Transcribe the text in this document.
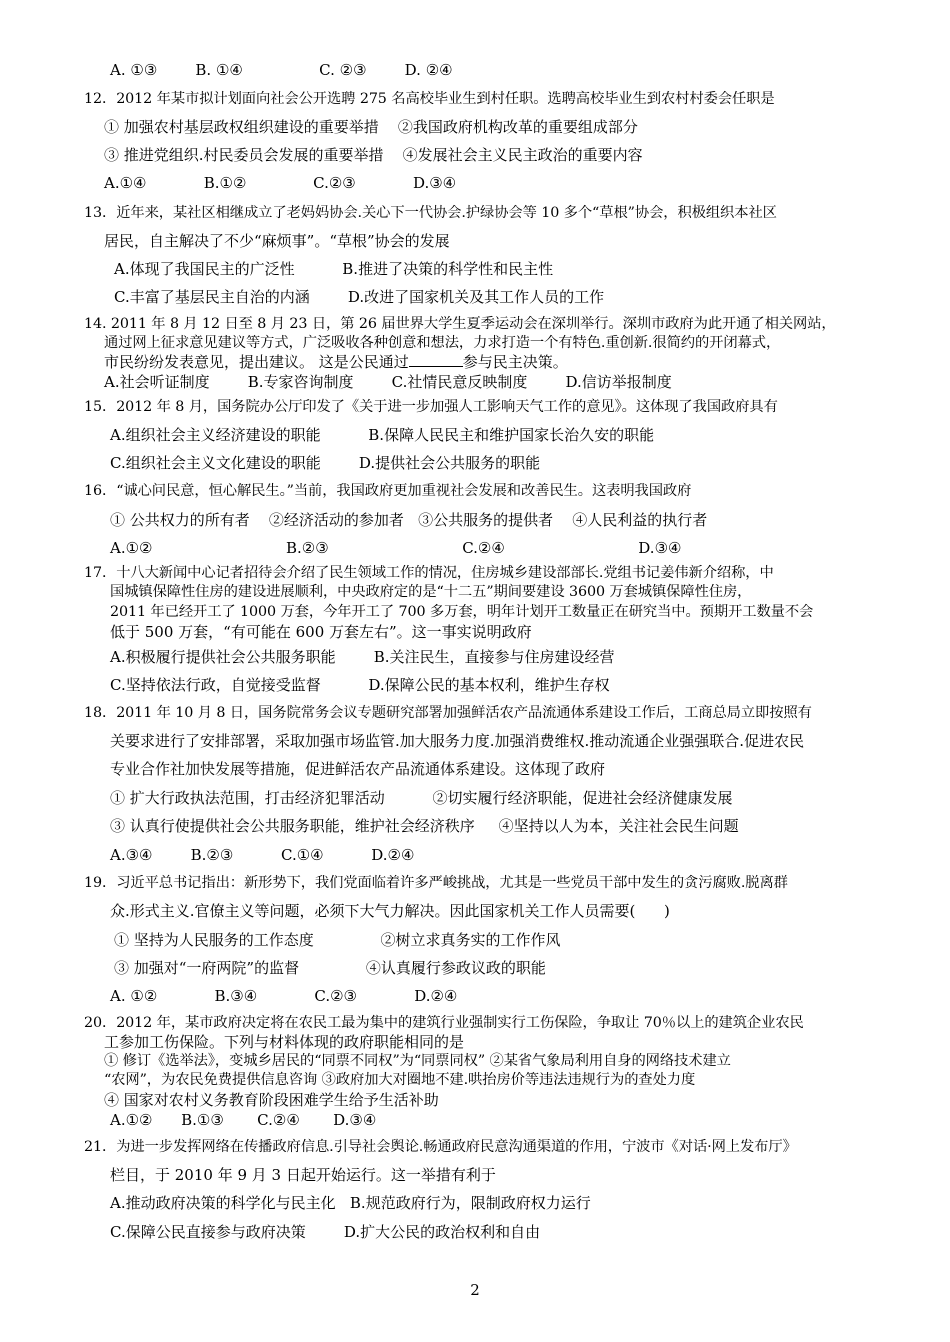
A. ①③        B. ①④                C. ②③        D. ②④
12．2012 年某市拟计划面向社会公开选聘 275 名高校毕业生到村任职。选聘高校毕业生到农村村委会任职是
① 加强农村基层政权组织建设的重要举措    ②我国政府机构改革的重要组成部分
③ 推进党组织.村民委员会发展的重要举措    ④发展社会主义民主政治的重要内容
A.①④            B.①②              C.②③            D.③④
13．近年来，某社区相继成立了老妈妈协会.关心下一代协会.护绿协会等 10 多个“草根”协会，积极组织本社区
居民，自主解决了不少“麻烦事”。“草根”协会的发展
A.体现了我国民主的广泛性          B.推进了决策的科学性和民主性
C.丰富了基层民主自治的内涵        D.改进了国家机关及其工作人员的工作
14. 2011 年 8 月 12 日至 8 月 23 日，第 26 届世界大学生夏季运动会在深圳举行。深圳市政府为此开通了相关网站，
通过网上征求意见建议等方式，广泛吸收各种创意和想法，力求打造一个有特色.重创新.很简约的开闭幕式，
市民纷纷发表意见，提出建议。 这是公民通过	参与民主决策。
A.社会听证制度        B.专家咨询制度        C.社情民意反映制度        D.信访举报制度
15．2012 年 8 月，国务院办公厅印发了《关于进一步加强人工影响天气工作的意见》。这体现了我国政府具有
A.组织社会主义经济建设的职能          B.保障人民民主和维护国家长治久安的职能
C.组织社会主义文化建设的职能        D.提供社会公共服务的职能
16．“诚心问民意，恒心解民生。”当前，我国政府更加重视社会发展和改善民生。这表明我国政府
① 公共权力的所有者    ②经济活动的参加者   ③公共服务的提供者    ④人民利益的执行者
A.①②                            B.②③                            C.②④                            D.③④
17．十八大新闻中心记者招待会介绍了民生领域工作的情况，住房城乡建设部部长.党组书记姜伟新介绍称，中
国城镇保障性住房的建设进展顺利，中央政府定的是“十二五”期间要建设 3600 万套城镇保障性住房，
2011 年已经开工了 1000 万套，今年开工了 700 多万套，明年计划开工数量正在研究当中。预期开工数量不会
低于 500 万套，“有可能在 600 万套左右”。这一事实说明政府
A.积极履行提供社会公共服务职能        B.关注民生，直接参与住房建设经营
C.坚持依法行政，自觉接受监督          D.保障公民的基本权利，维护生存权
18．2011 年 10 月 8 日，国务院常务会议专题研究部署加强鲜活农产品流通体系建设工作后，工商总局立即按照有
关要求进行了安排部署，采取加强市场监管.加大服务力度.加强消费维权.推动流通企业强强联合.促进农民
专业合作社加快发展等措施，促进鲜活农产品流通体系建设。这体现了政府
① 扩大行政执法范围，打击经济犯罪活动          ②切实履行经济职能，促进社会经济健康发展
③ 认真行使提供社会公共服务职能，维护社会经济秩序     ④坚持以人为本，关注社会民生问题
A.③④        B.②③          C.①④          D.②④
19．习近平总书记指出：新形势下，我们党面临着许多严峻挑战，尤其是一些党员干部中发生的贪污腐败.脱离群
众.形式主义.官僚主义等问题，必须下大气力解决。因此国家机关工作人员需要(      )
① 坚持为人民服务的工作态度              ②树立求真务实的工作作风
③ 加强对“一府两院”的监督              ④认真履行参政议政的职能
A. ①②            B.③④            C.②③            D.②④
20．2012 年，某市政府决定将在农民工最为集中的建筑行业强制实行工伤保险，争取让 70％以上的建筑企业农民
工参加工伤保险。下列与材料体现的政府职能相同的是
① 修订《选举法》，变城乡居民的“同票不同权”为“同票同权” ②某省气象局利用自身的网络技术建立
“农网”，为农民免费提供信息咨询 ③政府加大对圈地不建.哄抬房价等违法违规行为的查处力度
④ 国家对农村义务教育阶段困难学生给予生活补助
A.①②      B.①③       C.②④       D.③④
21．为进一步发挥网络在传播政府信息.引导社会舆论.畅通政府民意沟通渠道的作用，宁波市《对话·网上发布厅》
栏目，于 2010 年 9 月 3 日起开始运行。这一举措有利于
A.推动政府决策的科学化与民主化   B.规范政府行为，限制政府权力运行
C.保障公民直接参与政府决策        D.扩大公民的政治权利和自由
2
